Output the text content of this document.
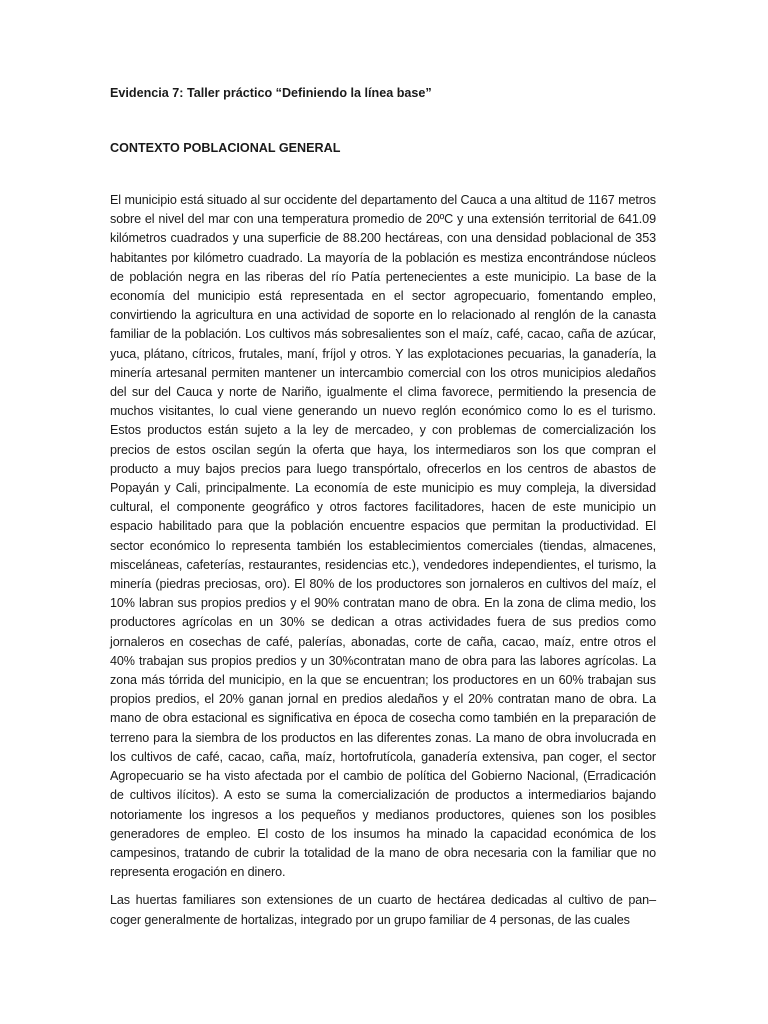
Evidencia 7: Taller práctico “Definiendo la línea base”

CONTEXTO POBLACIONAL GENERAL

El municipio está situado al sur occidente del departamento del Cauca a una altitud de 1167 metros sobre el nivel del mar con una temperatura promedio de 20ºC y una extensión territorial de 641.09 kilómetros cuadrados y una superficie de 88.200 hectáreas, con una densidad poblacional de 353 habitantes por kilómetro cuadrado. La mayoría de la población es mestiza encontrándose núcleos de población negra en las riberas del río Patía pertenecientes a este municipio. La base de la economía del municipio está representada en el sector agropecuario, fomentando empleo, convirtiendo la agricultura en una actividad de soporte en lo relacionado al renglón de la canasta familiar de la población. Los cultivos más sobresalientes son el maíz, café, cacao, caña de azúcar, yuca, plátano, cítricos, frutales, maní, fríjol y otros. Y las explotaciones pecuarias, la ganadería, la minería artesanal permiten mantener un intercambio comercial con los otros municipios aledaños del sur del Cauca y norte de Nariño, igualmente el clima favorece, permitiendo la presencia de muchos visitantes, lo cual viene generando un nuevo reglón económico como lo es el turismo. Estos productos están sujeto a la ley de mercadeo, y con problemas de comercialización los precios de estos oscilan según la oferta que haya, los intermediaros son los que compran el producto a muy bajos precios para luego transpórtalo, ofrecerlos en los centros de abastos de Popayán y Cali, principalmente. La economía de este municipio es muy compleja, la diversidad cultural, el componente geográfico y otros factores facilitadores, hacen de este municipio un espacio habilitado para que la población encuentre espacios que permitan la productividad. El sector económico lo representa también los establecimientos comerciales (tiendas, almacenes, misceláneas, cafeterías, restaurantes, residencias etc.), vendedores independientes, el turismo, la minería (piedras preciosas, oro). El 80% de los productores son jornaleros en cultivos del maíz, el 10% labran sus propios predios y el 90% contratan mano de obra. En la zona de clima medio, los productores agrícolas en un 30% se dedican a otras actividades fuera de sus predios como jornaleros en cosechas de café, palerías, abonadas, corte de caña, cacao, maíz, entre otros el 40% trabajan sus propios predios y un 30%contratan mano de obra para las labores agrícolas. La zona más tórrida del municipio, en la que se encuentran; los productores en un 60% trabajan sus propios predios, el 20% ganan jornal en predios aledaños y el 20% contratan mano de obra. La mano de obra estacional es significativa en época de cosecha como también en la preparación de terreno para la siembra de los productos en las diferentes zonas. La mano de obra involucrada en los cultivos de café, cacao, caña, maíz, hortofrutícola, ganadería extensiva, pan coger, el sector Agropecuario se ha visto afectada por el cambio de política del Gobierno Nacional, (Erradicación de cultivos ilícitos). A esto se suma la comercialización de productos a intermediarios bajando notoriamente los ingresos a los pequeños y medianos productores, quienes son los posibles generadores de empleo. El costo de los insumos ha minado la capacidad económica de los campesinos, tratando de cubrir la totalidad de la mano de obra necesaria con la familiar que no representa erogación en dinero.

Las huertas familiares son extensiones de un cuarto de hectárea dedicadas al cultivo de pan– coger generalmente de hortalizas, integrado por un grupo familiar de 4 personas, de las cuales
